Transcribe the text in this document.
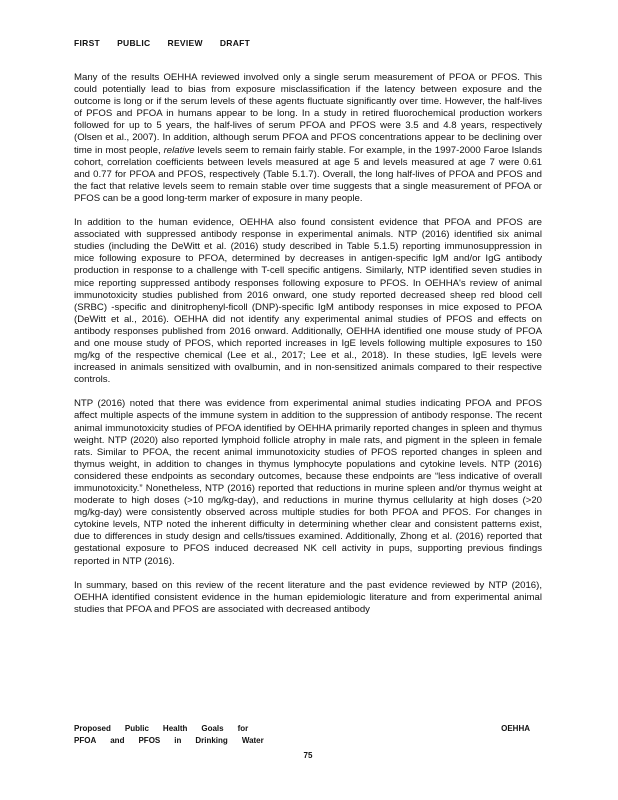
FIRST PUBLIC REVIEW DRAFT

Many of the results OEHHA reviewed involved only a single serum measurement of PFOA or PFOS. This could potentially lead to bias from exposure misclassification if the latency between exposure and the outcome is long or if the serum levels of these agents fluctuate significantly over time. However, the half-lives of PFOS and PFOA in humans appear to be long. In a study in retired fluorochemical production workers followed for up to 5 years, the half-lives of serum PFOA and PFOS were 3.5 and 4.8 years, respectively (Olsen et al., 2007). In addition, although serum PFOA and PFOS concentrations appear to be declining over time in most people, relative levels seem to remain fairly stable. For example, in the 1997-2000 Faroe Islands cohort, correlation coefficients between levels measured at age 5 and levels measured at age 7 were 0.61 and 0.77 for PFOA and PFOS, respectively (Table 5.1.7). Overall, the long half-lives of PFOA and PFOS and the fact that relative levels seem to remain stable over time suggests that a single measurement of PFOA or PFOS can be a good long-term marker of exposure in many people.

In addition to the human evidence, OEHHA also found consistent evidence that PFOA and PFOS are associated with suppressed antibody response in experimental animals. NTP (2016) identified six animal studies (including the DeWitt et al. (2016) study described in Table 5.1.5) reporting immunosuppression in mice following exposure to PFOA, determined by decreases in antigen-specific IgM and/or IgG antibody production in response to a challenge with T-cell specific antigens. Similarly, NTP identified seven studies in mice reporting suppressed antibody responses following exposure to PFOS. In OEHHA's review of animal immunotoxicity studies published from 2016 onward, one study reported decreased sheep red blood cell (SRBC) -specific and dinitrophenyl-ficoll (DNP)-specific IgM antibody responses in mice exposed to PFOA (DeWitt et al., 2016). OEHHA did not identify any experimental animal studies of PFOS and effects on antibody responses published from 2016 onward. Additionally, OEHHA identified one mouse study of PFOA and one mouse study of PFOS, which reported increases in IgE levels following multiple exposures to 150 mg/kg of the respective chemical (Lee et al., 2017; Lee et al., 2018). In these studies, IgE levels were increased in animals sensitized with ovalbumin, and in non-sensitized animals compared to their respective controls.

NTP (2016) noted that there was evidence from experimental animal studies indicating PFOA and PFOS affect multiple aspects of the immune system in addition to the suppression of antibody response. The recent animal immunotoxicity studies of PFOA identified by OEHHA primarily reported changes in spleen and thymus weight. NTP (2020) also reported lymphoid follicle atrophy in male rats, and pigment in the spleen in female rats. Similar to PFOA, the recent animal immunotoxicity studies of PFOS reported changes in spleen and thymus weight, in addition to changes in thymus lymphocyte populations and cytokine levels. NTP (2016) considered these endpoints as secondary outcomes, because these endpoints are “less indicative of overall immunotoxicity.” Nonetheless, NTP (2016) reported that reductions in murine spleen and/or thymus weight at moderate to high doses (>10 mg/kg-day), and reductions in murine thymus cellularity at high doses (>20 mg/kg-day) were consistently observed across multiple studies for both PFOA and PFOS. For changes in cytokine levels, NTP noted the inherent difficulty in determining whether clear and consistent patterns exist, due to differences in study design and cells/tissues examined. Additionally, Zhong et al. (2016) reported that gestational exposure to PFOS induced decreased NK cell activity in pups, supporting previous findings reported in NTP (2016).

In summary, based on this review of the recent literature and the past evidence reviewed by NTP (2016), OEHHA identified consistent evidence in the human epidemiologic literature and from experimental animal studies that PFOA and PFOS are associated with decreased antibody

Proposed Public Health Goals for
PFOA and PFOS in Drinking Water
OEHHA
75
